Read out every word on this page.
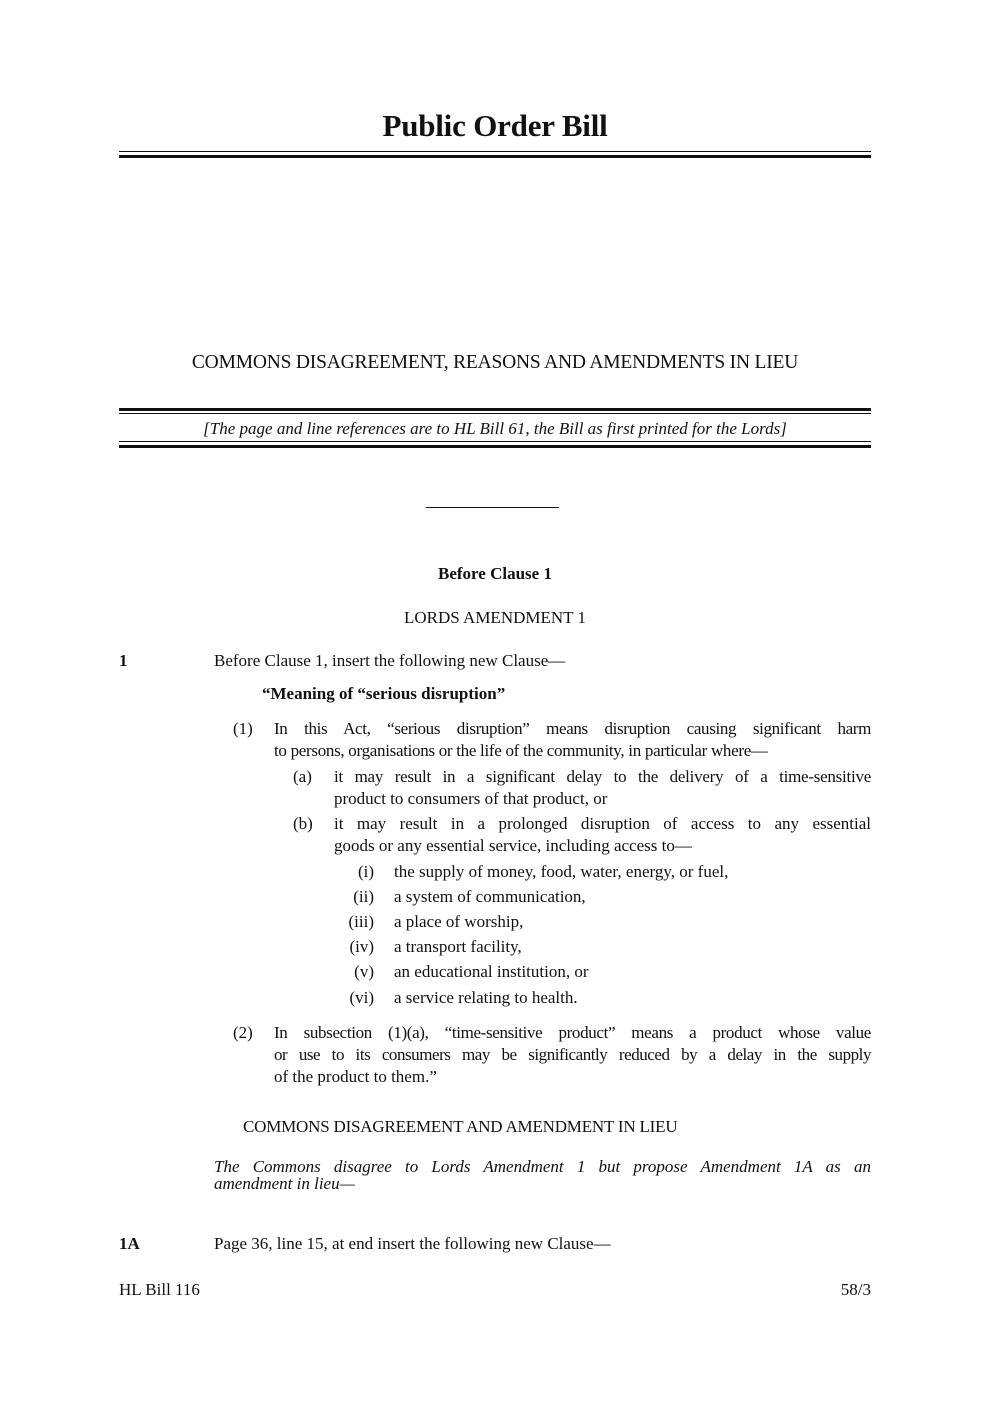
Public Order Bill
COMMONS DISAGREEMENT, REASONS AND AMENDMENTS IN LIEU
[The page and line references are to HL Bill 61, the Bill as first printed for the Lords]
Before Clause 1
LORDS AMENDMENT 1
1	Before Clause 1, insert the following new Clause—
“Meaning of “serious disruption”
(1) In this Act, “serious disruption” means disruption causing significant harm
to persons, organisations or the life of the community, in particular where—
(a) it may result in a significant delay to the delivery of a time-sensitive
product to consumers of that product, or
(b) it may result in a prolonged disruption of access to any essential
goods or any essential service, including access to—
(i) the supply of money, food, water, energy, or fuel,
(ii) a system of communication,
(iii) a place of worship,
(iv) a transport facility,
(v) an educational institution, or
(vi) a service relating to health.
(2) In subsection (1)(a), “time-sensitive product” means a product whose value
or use to its consumers may be significantly reduced by a delay in the supply
of the product to them.”
COMMONS DISAGREEMENT AND AMENDMENT IN LIEU
The Commons disagree to Lords Amendment 1 but propose Amendment 1A as an
amendment in lieu—
1A	Page 36, line 15, at end insert the following new Clause—
HL Bill 116	58/3
